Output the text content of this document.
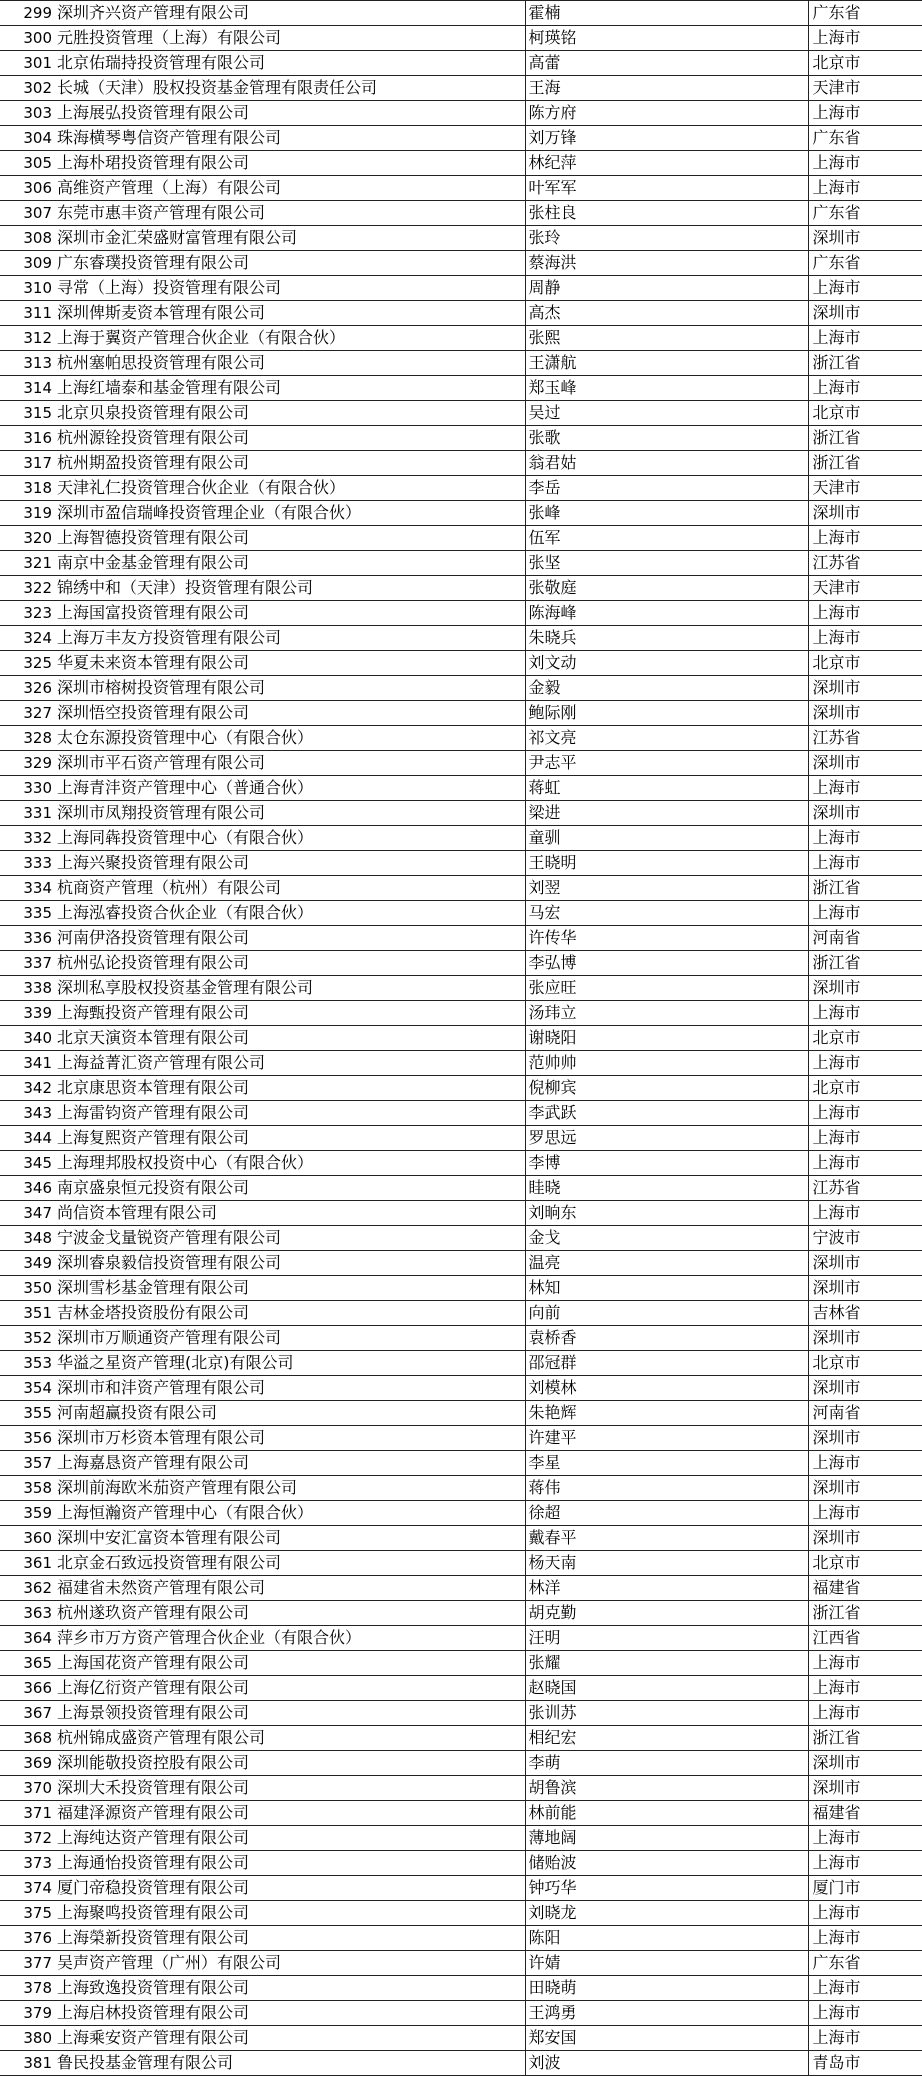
299	深圳齐兴资产管理有限公司	霍楠	广东省
300	元胜投资管理（上海）有限公司	柯瑛铭	上海市
301	北京佑瑞持投资管理有限公司	高蕾	北京市
302	长城（天津）股权投资基金管理有限责任公司	王海	天津市
303	上海展弘投资管理有限公司	陈方府	上海市
304	珠海横琴粤信资产管理有限公司	刘万锋	广东省
305	上海朴珺投资管理有限公司	林纪萍	上海市
306	高维资产管理（上海）有限公司	叶军军	上海市
307	东莞市惠丰资产管理有限公司	张柱良	广东省
308	深圳市金汇荣盛财富管理有限公司	张玲	深圳市
309	广东睿璞投资管理有限公司	蔡海洪	广东省
310	寻常（上海）投资管理有限公司	周静	上海市
311	深圳俾斯麦资本管理有限公司	高杰	深圳市
312	上海于翼资产管理合伙企业（有限合伙）	张熙	上海市
313	杭州塞帕思投资管理有限公司	王潇航	浙江省
314	上海红墙泰和基金管理有限公司	郑玉峰	上海市
315	北京贝泉投资管理有限公司	吴过	北京市
316	杭州源铨投资管理有限公司	张歌	浙江省
317	杭州期盈投资管理有限公司	翁君姑	浙江省
318	天津礼仁投资管理合伙企业（有限合伙）	李岳	天津市
319	深圳市盈信瑞峰投资管理企业（有限合伙）	张峰	深圳市
320	上海智德投资管理有限公司	伍军	上海市
321	南京中金基金管理有限公司	张坚	江苏省
322	锦绣中和（天津）投资管理有限公司	张敬庭	天津市
323	上海国富投资管理有限公司	陈海峰	上海市
324	上海万丰友方投资管理有限公司	朱晓兵	上海市
325	华夏未来资本管理有限公司	刘文动	北京市
326	深圳市榕树投资管理有限公司	金毅	深圳市
327	深圳悟空投资管理有限公司	鲍际刚	深圳市
328	太仓东源投资管理中心（有限合伙）	祁文亮	江苏省
329	深圳市平石资产管理有限公司	尹志平	深圳市
330	上海青沣资产管理中心（普通合伙）	蒋虹	上海市
331	深圳市凤翔投资管理有限公司	梁进	深圳市
332	上海同犇投资管理中心（有限合伙）	童驯	上海市
333	上海兴聚投资管理有限公司	王晓明	上海市
334	杭商资产管理（杭州）有限公司	刘翌	浙江省
335	上海泓睿投资合伙企业（有限合伙）	马宏	上海市
336	河南伊洛投资管理有限公司	许传华	河南省
337	杭州弘论投资管理有限公司	李弘博	浙江省
338	深圳私享股权投资基金管理有限公司	张应旺	深圳市
339	上海甄投资产管理有限公司	汤玮立	上海市
340	北京天演资本管理有限公司	谢晓阳	北京市
341	上海益菁汇资产管理有限公司	范帅帅	上海市
342	北京康思资本管理有限公司	倪柳宾	北京市
343	上海雷钧资产管理有限公司	李武跃	上海市
344	上海复熙资产管理有限公司	罗思远	上海市
345	上海理邦股权投资中心（有限合伙）	李博	上海市
346	南京盛泉恒元投资有限公司	眭晓	江苏省
347	尚信资本管理有限公司	刘晌东	上海市
348	宁波金戈量锐资产管理有限公司	金戈	宁波市
349	深圳睿泉毅信投资管理有限公司	温亮	深圳市
350	深圳雪杉基金管理有限公司	林知	深圳市
351	吉林金塔投资股份有限公司	向前	吉林省
352	深圳市万顺通资产管理有限公司	袁桥香	深圳市
353	华溢之星资产管理(北京)有限公司	邵冠群	北京市
354	深圳市和沣资产管理有限公司	刘模林	深圳市
355	河南超赢投资有限公司	朱艳辉	河南省
356	深圳市万杉资本管理有限公司	许建平	深圳市
357	上海嘉恳资产管理有限公司	李星	上海市
358	深圳前海欧米茄资产管理有限公司	蒋伟	深圳市
359	上海恒瀚资产管理中心（有限合伙）	徐超	上海市
360	深圳中安汇富资本管理有限公司	戴春平	深圳市
361	北京金石致远投资管理有限公司	杨天南	北京市
362	福建省未然资产管理有限公司	林洋	福建省
363	杭州遂玖资产管理有限公司	胡克勤	浙江省
364	萍乡市万方资产管理合伙企业（有限合伙）	汪明	江西省
365	上海国花资产管理有限公司	张耀	上海市
366	上海亿衍资产管理有限公司	赵晓国	上海市
367	上海景领投资管理有限公司	张训苏	上海市
368	杭州锦成盛资产管理有限公司	相纪宏	浙江省
369	深圳能敬投资控股有限公司	李萌	深圳市
370	深圳大禾投资管理有限公司	胡鲁滨	深圳市
371	福建泽源资产管理有限公司	林前能	福建省
372	上海纯达资产管理有限公司	薄地阔	上海市
373	上海通怡投资管理有限公司	储贻波	上海市
374	厦门帝稳投资管理有限公司	钟巧华	厦门市
375	上海聚鸣投资管理有限公司	刘晓龙	上海市
376	上海榮新投资管理有限公司	陈阳	上海市
377	吴声资产管理（广州）有限公司	许婧	广东省
378	上海致逸投资管理有限公司	田晓萌	上海市
379	上海启林投资管理有限公司	王鸿勇	上海市
380	上海乘安资产管理有限公司	郑安国	上海市
381	鲁民投基金管理有限公司	刘波	青岛市
